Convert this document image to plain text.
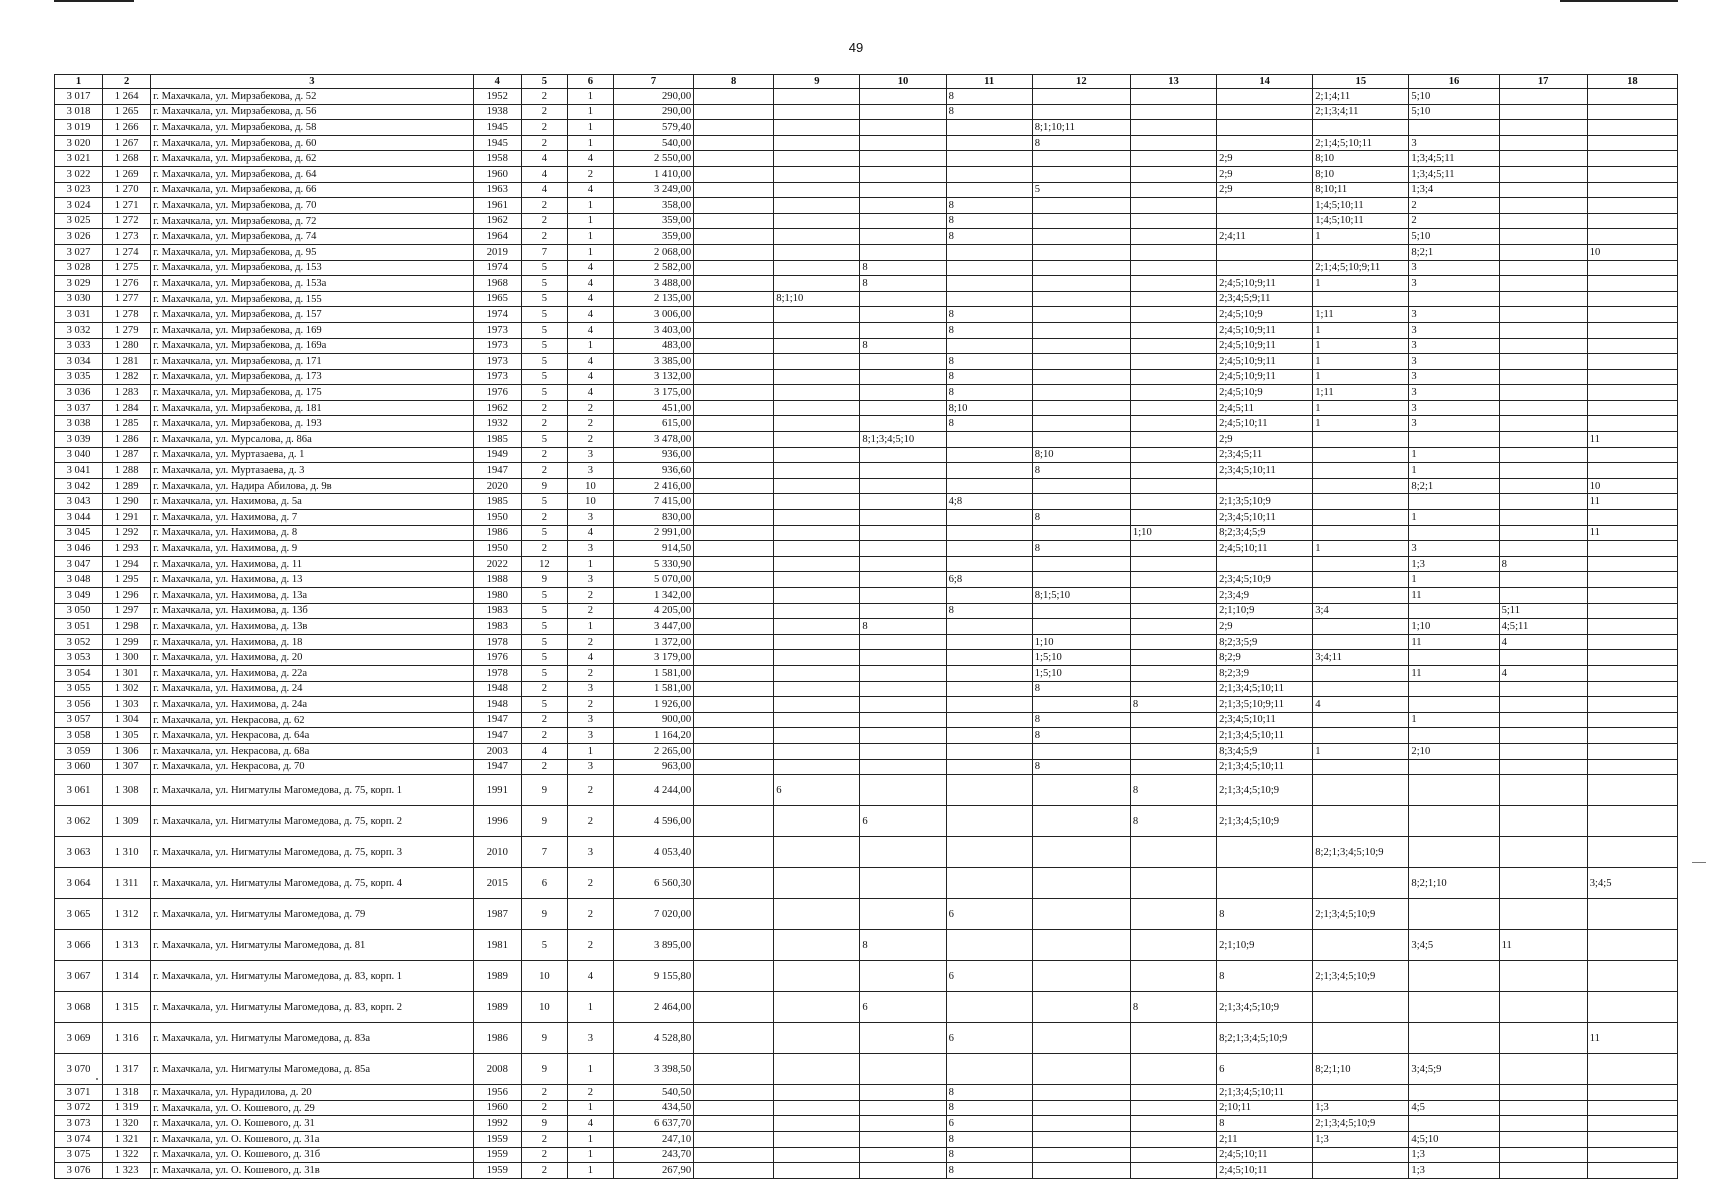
49
1	2	3	4	5	6	7	8	9	10	11	12	13	14	15	16	17	18
3 017	1 264	г. Махачкала, ул. Мирзабекова, д. 52	1952	2	1	290,00				8				2;1;4;11	5;10		
3 018	1 265	г. Махачкала, ул. Мирзабекова, д. 56	1938	2	1	290,00				8				2;1;3;4;11	5;10		
3 019	1 266	г. Махачкала, ул. Мирзабекова, д. 58	1945	2	1	579,40					8;1;10;11						
3 020	1 267	г. Махачкала, ул. Мирзабекова, д. 60	1945	2	1	540,00					8			2;1;4;5;10;11	3		
3 021	1 268	г. Махачкала, ул. Мирзабекова, д. 62	1958	4	4	2 550,00							2;9	8;10	1;3;4;5;11		
3 022	1 269	г. Махачкала, ул. Мирзабекова, д. 64	1960	4	2	1 410,00							2;9	8;10	1;3;4;5;11		
3 023	1 270	г. Махачкала, ул. Мирзабекова, д. 66	1963	4	4	3 249,00					5		2;9	8;10;11	1;3;4		
3 024	1 271	г. Махачкала, ул. Мирзабекова, д. 70	1961	2	1	358,00				8				1;4;5;10;11	2		
3 025	1 272	г. Махачкала, ул. Мирзабекова, д. 72	1962	2	1	359,00				8				1;4;5;10;11	2		
3 026	1 273	г. Махачкала, ул. Мирзабекова, д. 74	1964	2	1	359,00				8			2;4;11	1	5;10		
3 027	1 274	г. Махачкала, ул. Мирзабекова, д. 95	2019	7	1	2 068,00									8;2;1		10
3 028	1 275	г. Махачкала, ул. Мирзабекова, д. 153	1974	5	4	2 582,00			8					2;1;4;5;10;9;11	3		
3 029	1 276	г. Махачкала, ул. Мирзабекова, д. 153а	1968	5	4	3 488,00			8				2;4;5;10;9;11	1	3		
3 030	1 277	г. Махачкала, ул. Мирзабекова, д. 155	1965	5	4	2 135,00		8;1;10					2;3;4;5;9;11				
3 031	1 278	г. Махачкала, ул. Мирзабекова, д. 157	1974	5	4	3 006,00				8			2;4;5;10;9	1;11	3		
3 032	1 279	г. Махачкала, ул. Мирзабекова, д. 169	1973	5	4	3 403,00				8			2;4;5;10;9;11	1	3		
3 033	1 280	г. Махачкала, ул. Мирзабекова, д. 169а	1973	5	1	483,00			8				2;4;5;10;9;11	1	3		
3 034	1 281	г. Махачкала, ул. Мирзабекова, д. 171	1973	5	4	3 385,00				8			2;4;5;10;9;11	1	3		
3 035	1 282	г. Махачкала, ул. Мирзабекова, д. 173	1973	5	4	3 132,00				8			2;4;5;10;9;11	1	3		
3 036	1 283	г. Махачкала, ул. Мирзабекова, д. 175	1976	5	4	3 175,00				8			2;4;5;10;9	1;11	3		
3 037	1 284	г. Махачкала, ул. Мирзабекова, д. 181	1962	2	2	451,00				8;10			2;4;5;11	1	3		
3 038	1 285	г. Махачкала, ул. Мирзабекова, д. 193	1932	2	2	615,00				8			2;4;5;10;11	1	3		
3 039	1 286	г. Махачкала, ул. Мурсалова, д. 86а	1985	5	2	3 478,00			8;1;3;4;5;10				2;9				11
3 040	1 287	г. Махачкала, ул. Муртазаева, д. 1	1949	2	3	936,00					8;10		2;3;4;5;11		1		
3 041	1 288	г. Махачкала, ул. Муртазаева, д. 3	1947	2	3	936,60					8		2;3;4;5;10;11		1		
3 042	1 289	г. Махачкала, ул. Надира Абилова, д. 9в	2020	9	10	2 416,00									8;2;1		10
3 043	1 290	г. Махачкала, ул. Нахимова, д. 5а	1985	5	10	7 415,00				4;8			2;1;3;5;10;9				11
3 044	1 291	г. Махачкала, ул. Нахимова, д. 7	1950	2	3	830,00					8		2;3;4;5;10;11		1		
3 045	1 292	г. Махачкала, ул. Нахимова, д. 8	1986	5	4	2 991,00						1;10	8;2;3;4;5;9				11
3 046	1 293	г. Махачкала, ул. Нахимова, д. 9	1950	2	3	914,50					8		2;4;5;10;11	1	3		
3 047	1 294	г. Махачкала, ул. Нахимова, д. 11	2022	12	1	5 330,90									1;3	8	
3 048	1 295	г. Махачкала, ул. Нахимова, д. 13	1988	9	3	5 070,00				6;8			2;3;4;5;10;9		1		
3 049	1 296	г. Махачкала, ул. Нахимова, д. 13а	1980	5	2	1 342,00					8;1;5;10		2;3;4;9		11		
3 050	1 297	г. Махачкала, ул. Нахимова, д. 13б	1983	5	2	4 205,00				8			2;1;10;9	3;4		5;11	
3 051	1 298	г. Махачкала, ул. Нахимова, д. 13в	1983	5	1	3 447,00			8				2;9		1;10	4;5;11	
3 052	1 299	г. Махачкала, ул. Нахимова, д. 18	1978	5	2	1 372,00					1;10		8;2;3;5;9		11	4	
3 053	1 300	г. Махачкала, ул. Нахимова, д. 20	1976	5	4	3 179,00					1;5;10		8;2;9	3;4;11			
3 054	1 301	г. Махачкала, ул. Нахимова, д. 22а	1978	5	2	1 581,00					1;5;10		8;2;3;9		11	4	
3 055	1 302	г. Махачкала, ул. Нахимова, д. 24	1948	2	3	1 581,00					8		2;1;3;4;5;10;11				
3 056	1 303	г. Махачкала, ул. Нахимова, д. 24а	1948	5	2	1 926,00						8	2;1;3;5;10;9;11	4			
3 057	1 304	г. Махачкала, ул. Некрасова, д. 62	1947	2	3	900,00					8		2;3;4;5;10;11		1		
3 058	1 305	г. Махачкала, ул. Некрасова, д. 64а	1947	2	3	1 164,20					8		2;1;3;4;5;10;11				
3 059	1 306	г. Махачкала, ул. Некрасова, д. 68а	2003	4	1	2 265,00							8;3;4;5;9	1	2;10		
3 060	1 307	г. Махачкала, ул. Некрасова, д. 70	1947	2	3	963,00					8		2;1;3;4;5;10;11				
3 061	1 308	г. Махачкала, ул. Нигматулы Магомедова, д. 75, корп. 1	1991	9	2	4 244,00		6				8	2;1;3;4;5;10;9				
3 062	1 309	г. Махачкала, ул. Нигматулы Магомедова, д. 75, корп. 2	1996	9	2	4 596,00			6			8	2;1;3;4;5;10;9				
3 063	1 310	г. Махачкала, ул. Нигматулы Магомедова, д. 75, корп. 3	2010	7	3	4 053,40								8;2;1;3;4;5;10;9			
3 064	1 311	г. Махачкала, ул. Нигматулы Магомедова, д. 75, корп. 4	2015	6	2	6 560,30									8;2;1;10		3;4;5
3 065	1 312	г. Махачкала, ул. Нигматулы Магомедова, д. 79	1987	9	2	7 020,00				6			8	2;1;3;4;5;10;9			
3 066	1 313	г. Махачкала, ул. Нигматулы Магомедова, д. 81	1981	5	2	3 895,00			8				2;1;10;9		3;4;5	11	
3 067	1 314	г. Махачкала, ул. Нигматулы Магомедова, д. 83, корп. 1	1989	10	4	9 155,80				6			8	2;1;3;4;5;10;9			
3 068	1 315	г. Махачкала, ул. Нигматулы Магомедова, д. 83, корп. 2	1989	10	1	2 464,00			6			8	2;1;3;4;5;10;9				
3 069	1 316	г. Махачкала, ул. Нигматулы Магомедова, д. 83а	1986	9	3	4 528,80				6			8;2;1;3;4;5;10;9				11
3 070	1 317	г. Махачкала, ул. Нигматулы Магомедова, д. 85а	2008	9	1	3 398,50							6	8;2;1;10	3;4;5;9		
3 071	1 318	г. Махачкала, ул. Нурадилова, д. 20	1956	2	2	540,50				8			2;1;3;4;5;10;11				
3 072	1 319	г. Махачкала, ул. О. Кошевого, д. 29	1960	2	1	434,50				8			2;10;11	1;3	4;5		
3 073	1 320	г. Махачкала, ул. О. Кошевого, д. 31	1992	9	4	6 637,70				6			8	2;1;3;4;5;10;9			
3 074	1 321	г. Махачкала, ул. О. Кошевого, д. 31а	1959	2	1	247,10				8			2;11	1;3	4;5;10		
3 075	1 322	г. Махачкала, ул. О. Кошевого, д. 31б	1959	2	1	243,70				8			2;4;5;10;11		1;3		
3 076	1 323	г. Махачкала, ул. О. Кошевого, д. 31в	1959	2	1	267,90				8			2;4;5;10;11		1;3		
